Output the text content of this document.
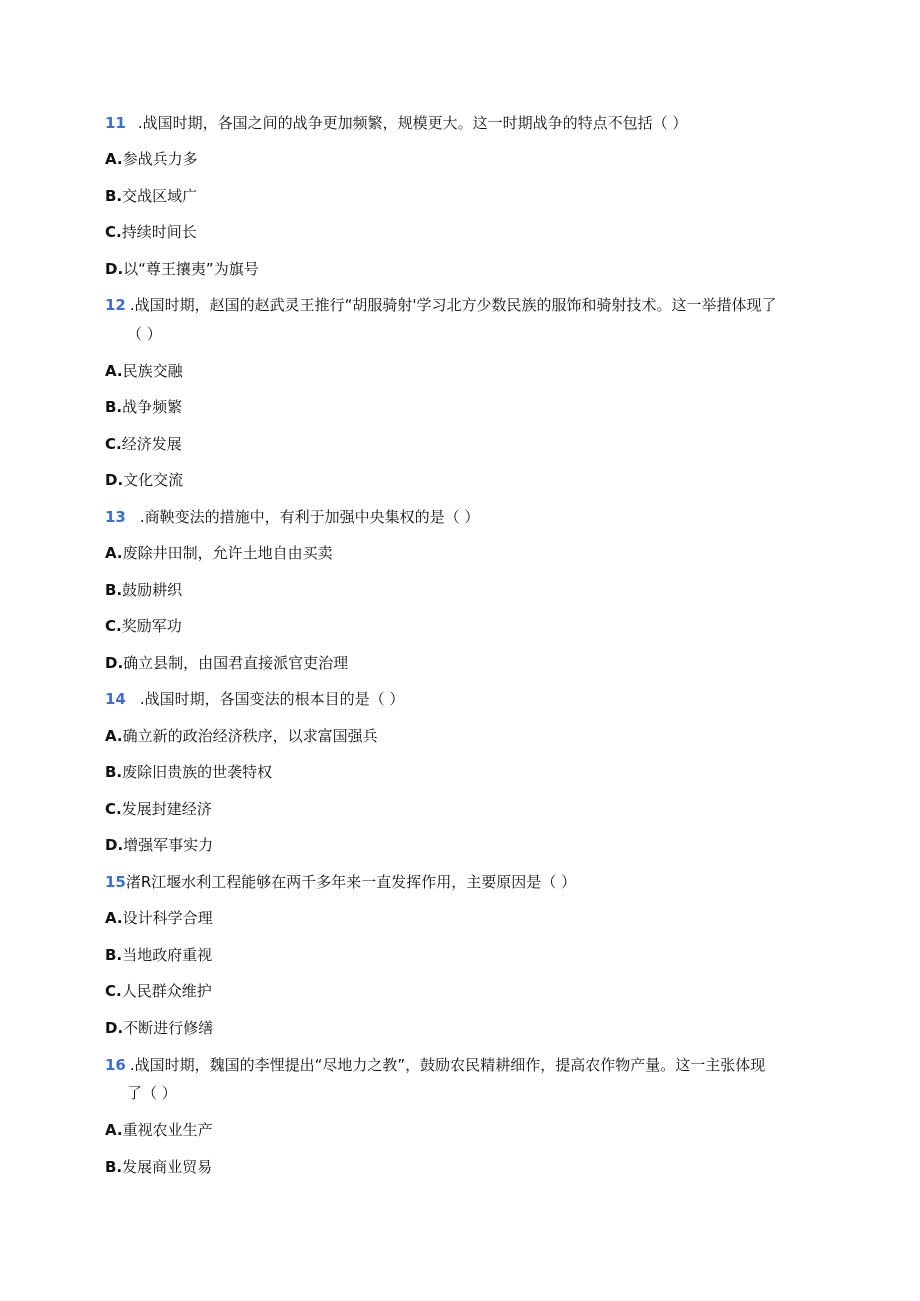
11 .战国时期，各国之间的战争更加频繁，规模更大。这一时期战争的特点不包括（ ）
A.参战兵力多
B.交战区域广
C.持续时间长
D.以“尊王攘夷”为旗号
12 .战国时期，赵国的赵武灵王推行“胡服骑射'学习北方少数民族的服饰和骑射技术。这一举措体现了
（ ）
A.民族交融
B.战争频繁
C.经济发展
D.文化交流
13 .商鞅变法的措施中，有利于加强中央集权的是（ ）
A.废除井田制，允许土地自由买卖
B.鼓励耕织
C.奖励军功
D.确立县制，由国君直接派官吏治理
14 .战国时期，各国变法的根本目的是（ ）
A.确立新的政治经济秩序，以求富国强兵
B.废除旧贵族的世袭特权
C.发展封建经济
D.增强军事实力
15渚R江堰水利工程能够在两千多年来一直发挥作用，主要原因是（ ）
A.设计科学合理
B.当地政府重视
C.人民群众维护
D.不断进行修缮
16 .战国时期，魏国的李悝提出“尽地力之教”，鼓励农民精耕细作，提高农作物产量。这一主张体现
了（ ）
A.重视农业生产
B.发展商业贸易
